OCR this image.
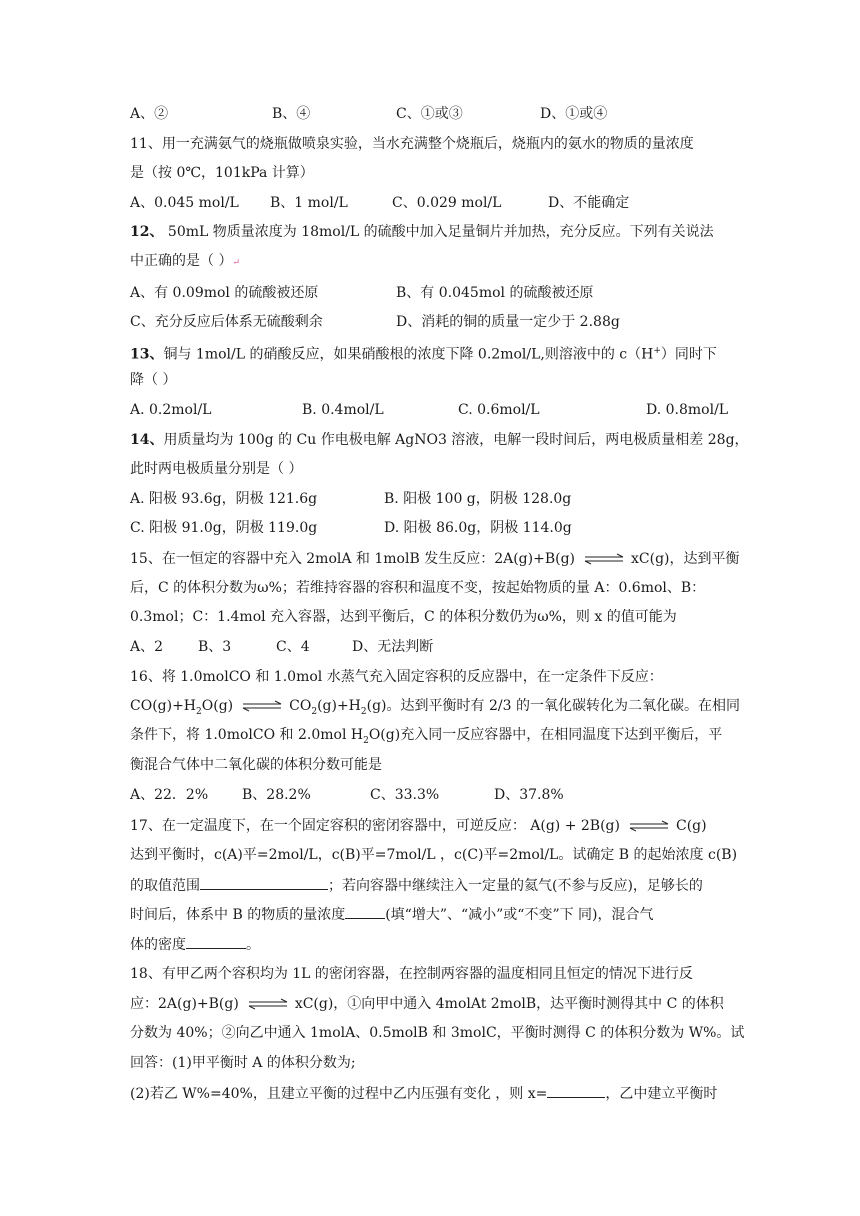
A、②	B、④	C、①或③	D、①或④
11、用一充满氨气的烧瓶做喷泉实验，当水充满整个烧瓶后，烧瓶内的氨水的物质的量浓度
是（按 0℃，101kPa 计算）
A、0.045 mol/L B、1 mol/L	C、0.029 mol/L	D、不能确定
12、 50mL 物质量浓度为 18mol/L 的硫酸中加入足量铜片并加热，充分反应。下列有关说法
中正确的是（ ）↵
A、有 0.09mol 的硫酸被还原	B、有 0.045mol 的硫酸被还原
C、充分反应后体系无硫酸剩余	D、消耗的铜的质量一定少于 2.88g
13、铜与 1mol/L 的硝酸反应，如果硝酸根的浓度下降 0.2mol/L,则溶液中的 c（H+）同时下
降（ ）
A. 0.2mol/L	B. 0.4mol/L	C. 0.6mol/L	D. 0.8mol/L
14、用质量均为 100g 的 Cu 作电极电解 AgNO3 溶液，电解一段时间后，两电极质量相差 28g，
此时两电极质量分别是（ ）
A. 阳极 93.6g，阴极 121.6g	B. 阳极 100 g，阴极 128.0g
C. 阳极 91.0g，阴极 119.0g	D. 阳极 86.0g，阴极 114.0g
15、在一恒定的容器中充入 2molA 和 1molB 发生反应：2A(g)+B(g) ⇌ xC(g)，达到平衡
后，C 的体积分数为ω%；若维持容器的容积和温度不变，按起始物质的量 A：0.6mol、B：
0.3mol；C：1.4mol 充入容器，达到平衡后，C 的体积分数仍为ω%，则 x 的值可能为
A、2 B、3	C、4	D、无法判断
16、将 1.0molCO 和 1.0mol 水蒸气充入固定容积的反应器中，在一定条件下反应：
$CO(g)+H_2O(g)$ ⇌ $CO_2(g)+H_2(g)$。达到平衡时有 2/3 的一氧化碳转化为二氧化碳。在相同
条件下，将 1.0molCO 和 2.0mol $H_2O(g)$充入同一反应容器中，在相同温度下达到平衡后，平
衡混合气体中二氧化碳的体积分数可能是
A、22．2% B、28.2%	C、33.3%	D、37.8%
17、在一定温度下，在一个固定容积的密闭容器中，可逆反应： A(g) + 2B(g) ⇌ C(g)
达到平衡时，c(A)平=2mol/L，c(B)平=7mol/L ，c(C)平=2mol/L。试确定 B 的起始浓度 c(B)
的取值范围	；若向容器中继续注入一定量的氦气(不参与反应)，足够长的
时间后，体系中 B 的物质的量浓度	(填“增大”、“减小”或“不变”下 同)，混合气
体的密度	。
18、有甲乙两个容积均为 1L 的密闭容器，在控制两容器的温度相同且恒定的情况下进行反
应：2A(g)+B(g) ⇌ xC(g)，①向甲中通入 4molAt 2molB，达平衡时测得其中 C 的体积
分数为 40%；②向乙中通入 1molA、0.5molB 和 3molC，平衡时测得 C 的体积分数为 W%。试
回答：(1)甲平衡时 A 的体积分数为;
(2)若乙 W%=40%，且建立平衡的过程中乙内压强有变化 ，则 x=	，乙中建立平衡时
